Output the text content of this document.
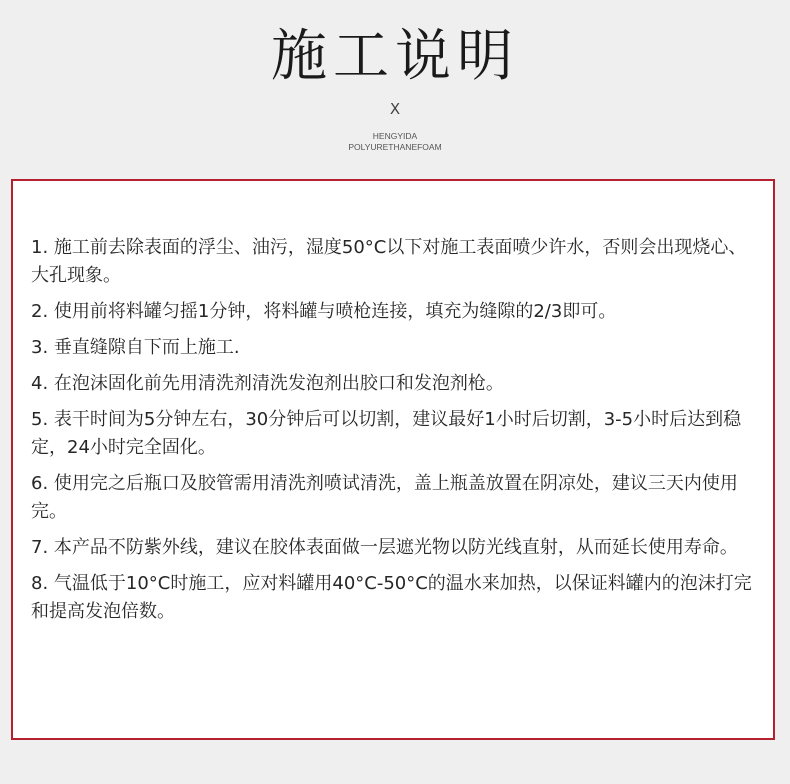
施工说明
X
HENGYIDA
POLYURETHANEFOAM
1. 施工前去除表面的浮尘、油污，湿度50°C以下对施工表面喷少许水，否则会出现烧心、大孔现象。
2. 使用前将料罐匀摇1分钟，将料罐与喷枪连接，填充为缝隙的2/3即可。
3. 垂直缝隙自下而上施工.
4. 在泡沫固化前先用清洗剂清洗发泡剂出胶口和发泡剂枪。
5. 表干时间为5分钟左右，30分钟后可以切割，建议最好1小时后切割，3-5小时后达到稳定，24小时完全固化。
6. 使用完之后瓶口及胶管需用清洗剂喷试清洗，盖上瓶盖放置在阴凉处，建议三天内使用完。
7. 本产品不防紫外线，建议在胶体表面做一层遮光物以防光线直射，从而延长使用寿命。
8. 气温低于10°C时施工，应对料罐用40°C-50°C的温水来加热，以保证料罐内的泡沫打完和提高发泡倍数。
